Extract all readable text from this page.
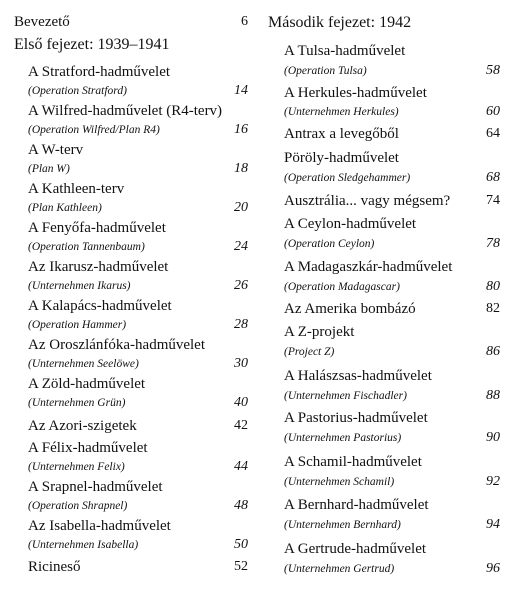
Bevezető	6
Első fejezet: 1939–1941
A Stratford-hadművelet
(Operation Stratford)	14
A Wilfred-hadművelet (R4-terv)
(Operation Wilfred/Plan R4)	16
A W-terv
(Plan W)	18
A Kathleen-terv
(Plan Kathleen)	20
A Fenyőfa-hadművelet
(Operation Tannenbaum)	24
Az Ikarusz-hadművelet
(Unternehmen Ikarus)	26
A Kalapács-hadművelet
(Operation Hammer)	28
Az Oroszlánfóka-hadművelet
(Unternehmen Seelöwe)	30
A Zöld-hadművelet
(Unternehmen Grün)	40
Az Azori-szigetek	42
A Félix-hadművelet
(Unternehmen Felix)	44
A Srapnel-hadművelet
(Operation Shrapnel)	48
Az Isabella-hadművelet
(Unternehmen Isabella)	50
Ricineső	52
Második fejezet: 1942
A Tulsa-hadművelet
(Operation Tulsa)	58
A Herkules-hadművelet
(Unternehmen Herkules)	60
Antrax a levegőből	64
Pöröly-hadművelet
(Operation Sledgehammer)	68
Ausztrália... vagy mégsem?	74
A Ceylon-hadművelet
(Operation Ceylon)	78
A Madagaszkár-hadművelet
(Operation Madagascar)	80
Az Amerika bombázó	82
A Z-projekt
(Project Z)	86
A Halászsas-hadművelet
(Unternehmen Fischadler)	88
A Pastorius-hadművelet
(Unternehmen Pastorius)	90
A Schamil-hadművelet
(Unternehmen Schamil)	92
A Bernhard-hadművelet
(Unternehmen Bernhard)	94
A Gertrude-hadművelet
(Unternehmen Gertrud)	96
